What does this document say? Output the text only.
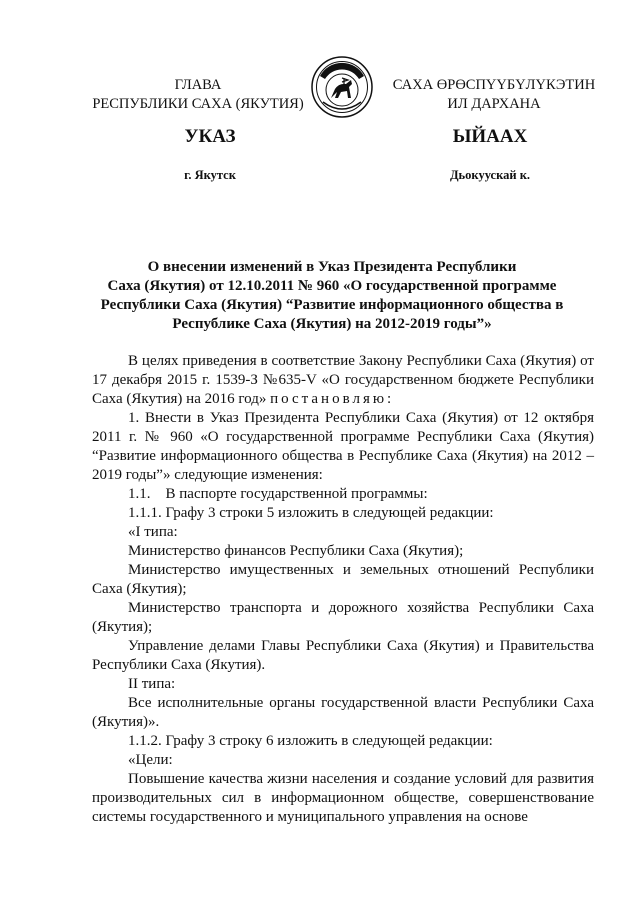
ГЛАВА
РЕСПУБЛИКИ САХА (ЯКУТИЯ)
САХА ӨРӨСПҮҮБҮЛҮКЭТИН
ИЛ ДАРХАНА
УКАЗ	ЫЙААХ
г. Якутск	Дьокуускай к.
О внесении изменений в Указ Президента Республики
Саха (Якутия) от 12.10.2011 № 960 «О государственной программе
Республики Саха (Якутия) “Развитие информационного общества в
Республике Саха (Якутия) на 2012-2019 годы”»

В целях приведения в соответствие Закону Республики Саха (Якутия) от 17 декабря 2015 г. 1539-З №635-V «О государственном бюджете Республики Саха (Якутия) на 2016 год» постановляю:

1. Внести в Указ Президента Республики Саха (Якутия) от 12 октября 2011 г. № 960 «О государственной программе Республики Саха (Якутия) “Развитие информационного общества в Республике Саха (Якутия) на 2012 – 2019 годы”» следующие изменения:

1.1.    В паспорте государственной программы:

1.1.1. Графу 3 строки 5 изложить в следующей редакции:

«I типа:

Министерство финансов Республики Саха (Якутия);

Министерство имущественных и земельных отношений Республики Саха (Якутия);

Министерство транспорта и дорожного хозяйства Республики Саха (Якутия);

Управление делами Главы Республики Саха (Якутия) и Правительства Республики Саха (Якутия).

II типа:

Все исполнительные органы государственной власти Республики Саха (Якутия)».

1.1.2. Графу 3 строку 6 изложить в следующей редакции:

«Цели:

Повышение качества жизни населения и создание условий для развития производительных сил в информационном обществе, совершенствование системы государственного и муниципального управления на основе
